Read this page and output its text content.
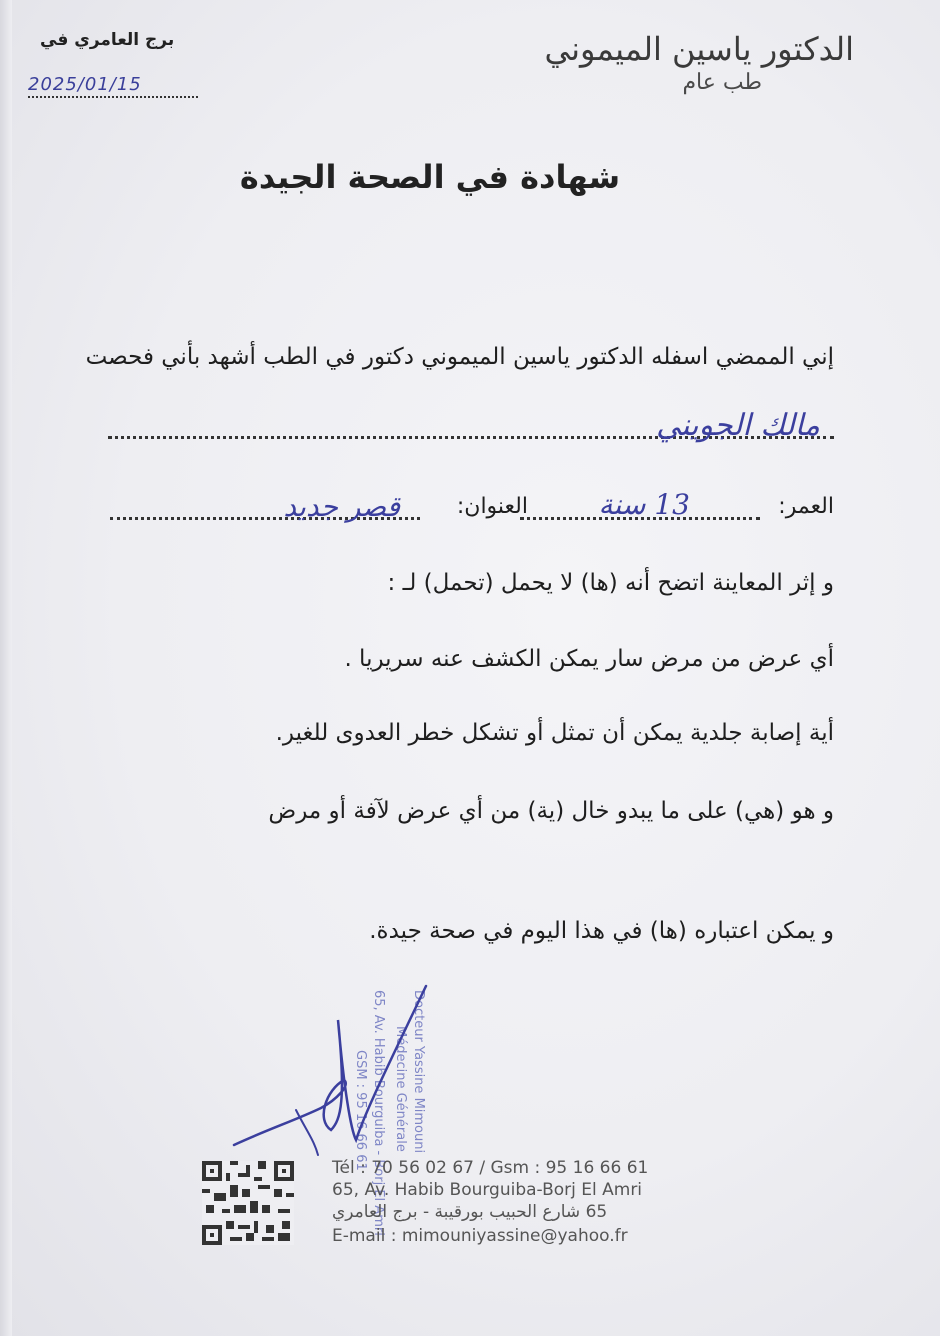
الدكتور ياسين الميموني
طب عام
برج العامري في
2025/01/15
شهادة في الصحة الجيدة
إني الممضي اسفله الدكتور ياسين الميموني دكتور في الطب أشهد بأني فحصت
مالك الجويني
العمر:
13 سنة
العنوان:
قصر جديد
و إثر المعاينة اتضح أنه (ها) لا يحمل (تحمل) لـ :
أي عرض من مرض سار يمكن الكشف عنه سريريا .
أية إصابة جلدية يمكن أن تمثل أو تشكل خطر العدوى للغير.
و هو (هي) على ما يبدو خال (ية) من أي عرض لآفة أو مرض
و يمكن اعتباره (ها) في هذا اليوم في صحة جيدة.
Docteur Yassine Mimouni
Médecine Générale
65, Av. Habib Bourguiba - Borj El Amri
GSM : 95 16 66 61
Tél : 70 56 02 67 / Gsm : 95 16 66 61
65, Av. Habib Bourguiba-Borj El Amri
65 شارع الحبيب بورقيبة - برج العامري
E-mail : mimouniyassine@yahoo.fr
